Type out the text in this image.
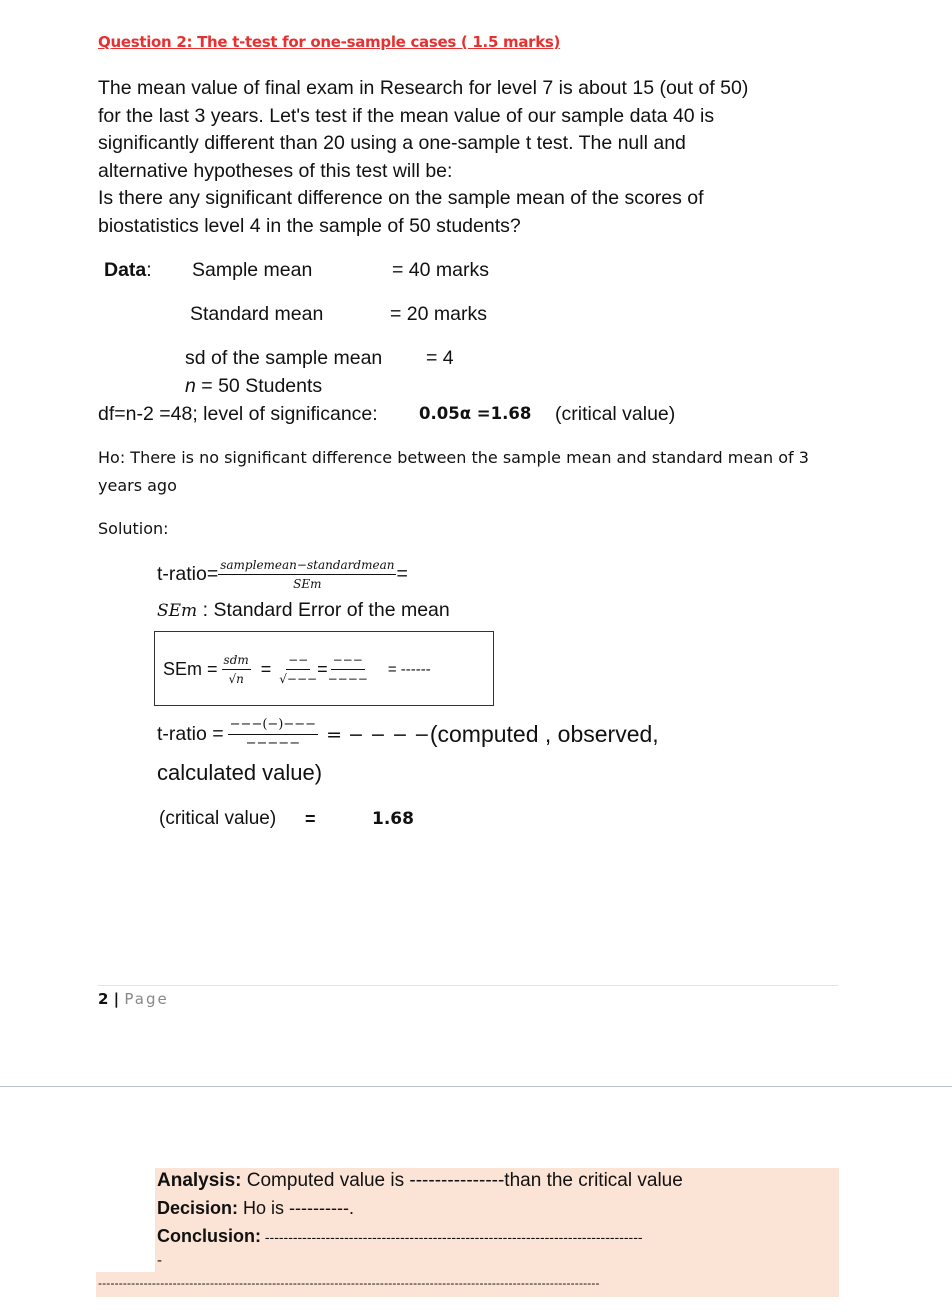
Question 2: The t-test for one-sample cases ( 1.5 marks)
The mean value of final exam in Research for level 7 is about 15 (out of 50)
for the last 3 years. Let's test if the mean value of our sample data 40 is
significantly different than 20 using a one-sample t test. The null and
alternative hypotheses of this test will be:
Is there any significant difference on the sample mean of the scores of
biostatistics level 4 in the sample of 50 students?
Data: Sample mean	= 40 marks
Standard mean	= 20 marks
sd of the sample mean = 4
n = 50 Students
df=n-2 =48; level of significance:	0.05α =1.68 (critical value)
Ho: There is no significant difference between the sample mean and standard mean of 3
years ago
Solution:
t-ratio= $\frac{\text{samplemean−standardmean}}{\text{SEm}}$ =
SEm : Standard Error of the mean
SEm = $\frac{\text{sdm}}{√n} = \frac{--}{√---} = \frac{---}{----}$ = ------
t-ratio = $\frac{---(-)---}{-----}$ = − − − − (computed , observed,
calculated value)
(critical value) =	1.68
2 | Page
Analysis: Computed value is ---------------than the critical value
Decision: Ho is ----------.
Conclusion: ---------------------------------------------------------------------------------
-
-------------------------------------------------------------------------------------------------------------------------
